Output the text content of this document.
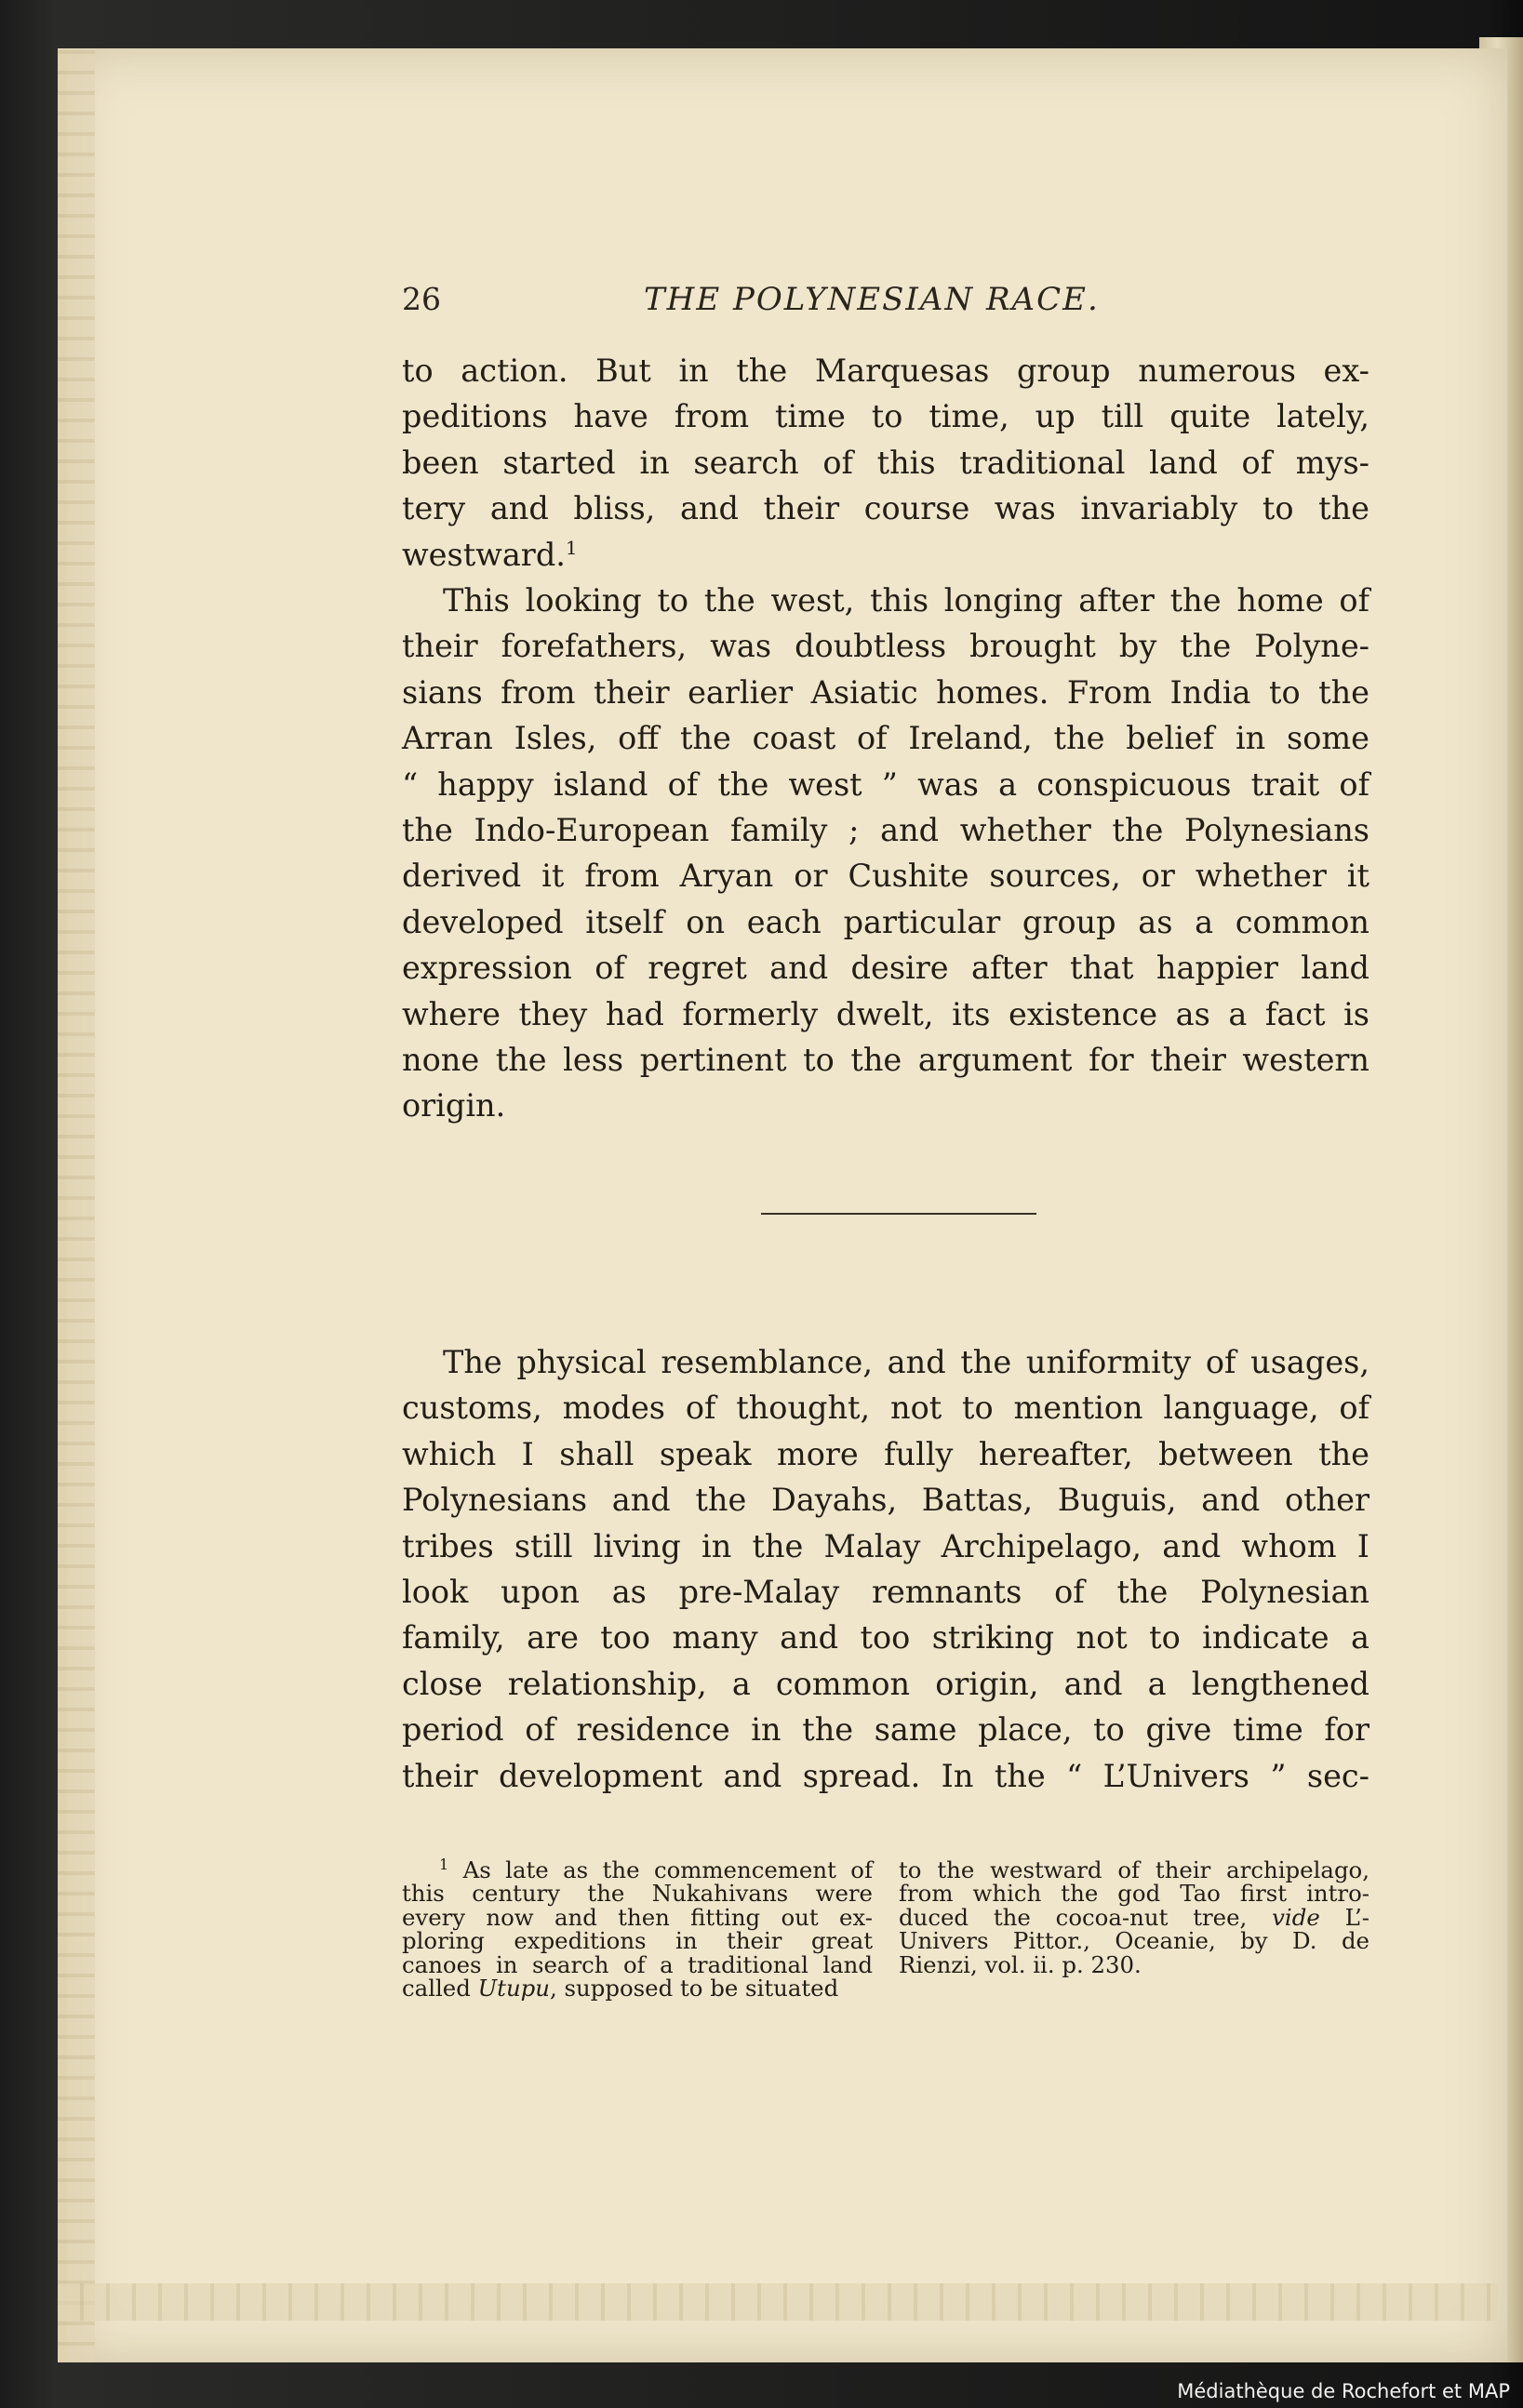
26	THE POLYNESIAN RACE.
to action. But in the Marquesas group numerous ex-
peditions have from time to time, up till quite lately,
been started in search of this traditional land of mys-
tery and bliss, and their course was invariably to the
westward.$^1$
This looking to the west, this longing after the home of
their forefathers, was doubtless brought by the Polyne-
sians from their earlier Asiatic homes. From India to the
Arran Isles, off the coast of Ireland, the belief in some
“ happy island of the west ” was a conspicuous trait of
the Indo-European family ; and whether the Polynesians
derived it from Aryan or Cushite sources, or whether it
developed itself on each particular group as a common
expression of regret and desire after that happier land
where they had formerly dwelt, its existence as a fact is
none the less pertinent to the argument for their western
origin.
The physical resemblance, and the uniformity of usages,
customs, modes of thought, not to mention language, of
which I shall speak more fully hereafter, between the
Polynesians and the Dayahs, Battas, Buguis, and other
tribes still living in the Malay Archipelago, and whom I
look upon as pre-Malay remnants of the Polynesian
family, are too many and too striking not to indicate a
close relationship, a common origin, and a lengthened
period of residence in the same place, to give time for
their development and spread. In the “ L’Univers ” sec-
$^1$ As late as the commencement of
this century the Nukahivans were
every now and then fitting out ex-
ploring expeditions in their great
canoes in search of a traditional land
called Utupu, supposed to be situated
to the westward of their archipelago,
from which the god Tao first intro-
duced the cocoa-nut tree, vide L’-
Univers Pittor., Oceanie, by D. de
Rienzi, vol. ii. p. 230.
Médiathèque de Rochefort et MAP
